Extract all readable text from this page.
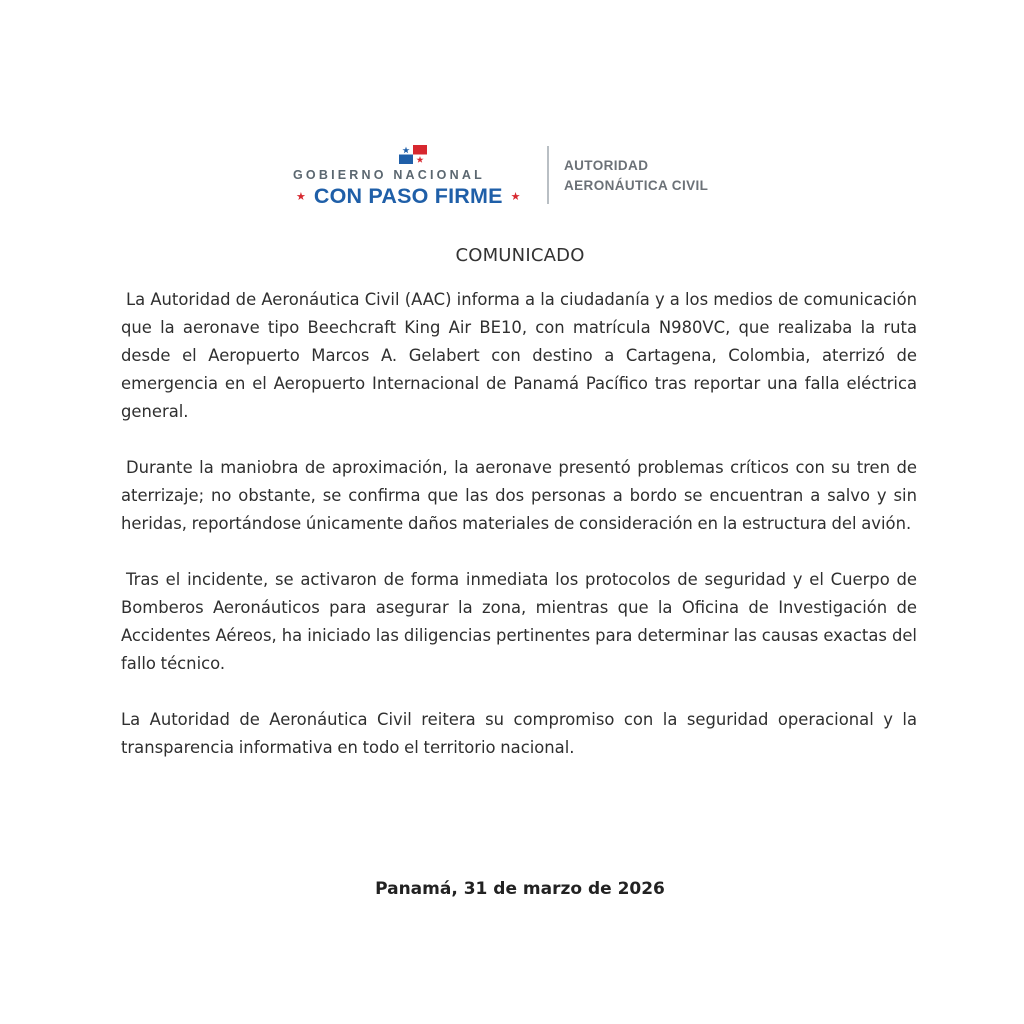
GOBIERNO NACIONAL
★ CON PASO FIRME ★
AUTORIDAD
AERONÁUTICA CIVIL
COMUNICADO

La Autoridad de Aeronáutica Civil (AAC) informa a la ciudadanía y a los medios de comunicación que la aeronave tipo Beechcraft King Air BE10, con matrícula N980VC, que realizaba la ruta desde el Aeropuerto Marcos A. Gelabert con destino a Cartagena, Colombia, aterrizó de emergencia en el Aeropuerto Internacional de Panamá Pacífico tras reportar una falla eléctrica general.

Durante la maniobra de aproximación, la aeronave presentó problemas críticos con su tren de aterrizaje; no obstante, se confirma que las dos personas a bordo se encuentran a salvo y sin heridas, reportándose únicamente daños materiales de consideración en la estructura del avión.

Tras el incidente, se activaron de forma inmediata los protocolos de seguridad y el Cuerpo de Bomberos Aeronáuticos para asegurar la zona, mientras que la Oficina de Investigación de Accidentes Aéreos, ha iniciado las diligencias pertinentes para determinar las causas exactas del fallo técnico.

La Autoridad de Aeronáutica Civil reitera su compromiso con la seguridad operacional y la transparencia informativa en todo el territorio nacional.

Panamá, 31 de marzo de 2026
